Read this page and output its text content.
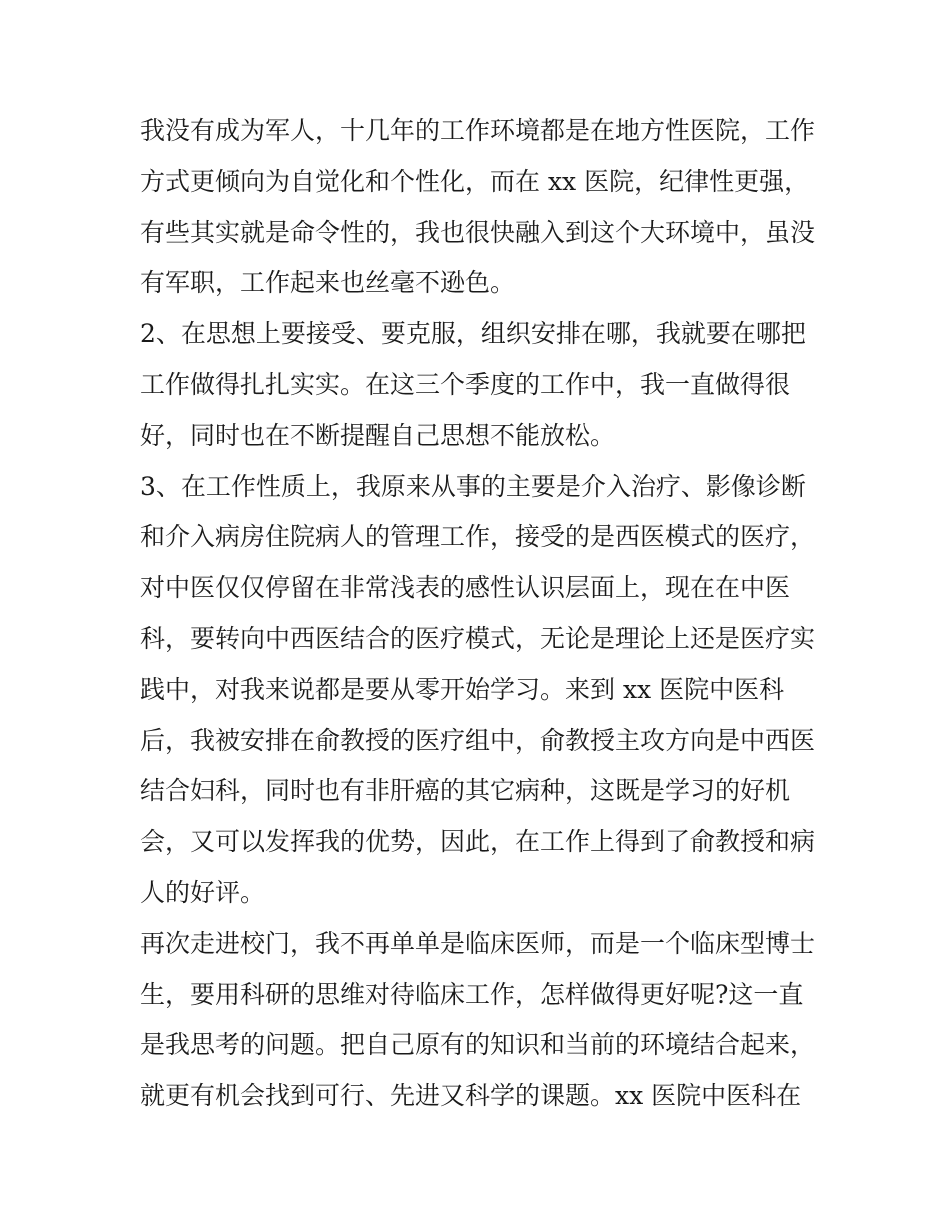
我没有成为军人，十几年的工作环境都是在地方性医院，工作
方式更倾向为自觉化和个性化，而在 xx 医院，纪律性更强，
有些其实就是命令性的，我也很快融入到这个大环境中，虽没
有军职，工作起来也丝毫不逊色。
2、在思想上要接受、要克服，组织安排在哪，我就要在哪把
工作做得扎扎实实。在这三个季度的工作中，我一直做得很
好，同时也在不断提醒自己思想不能放松。
3、在工作性质上，我原来从事的主要是介入治疗、影像诊断
和介入病房住院病人的管理工作，接受的是西医模式的医疗，
对中医仅仅停留在非常浅表的感性认识层面上，现在在中医
科，要转向中西医结合的医疗模式，无论是理论上还是医疗实
践中，对我来说都是要从零开始学习。来到 xx 医院中医科
后，我被安排在俞教授的医疗组中，俞教授主攻方向是中西医
结合妇科，同时也有非肝癌的其它病种，这既是学习的好机
会，又可以发挥我的优势，因此，在工作上得到了俞教授和病
人的好评。
再次走进校门，我不再单单是临床医师，而是一个临床型博士
生，要用科研的思维对待临床工作，怎样做得更好呢?这一直
是我思考的问题。把自己原有的知识和当前的环境结合起来，
就更有机会找到可行、先进又科学的课题。xx 医院中医科在
